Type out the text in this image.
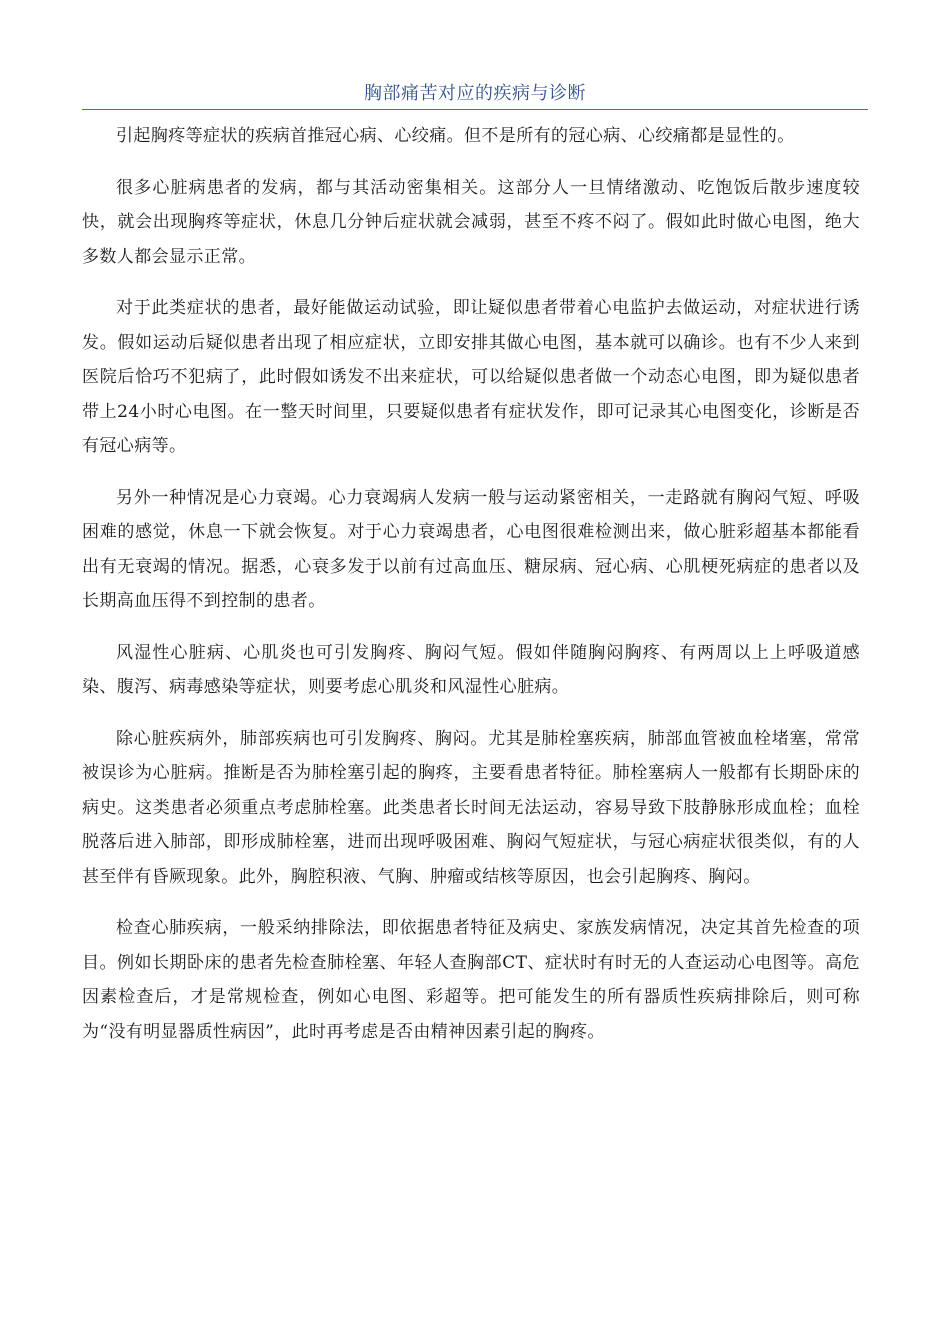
胸部痛苦对应的疾病与诊断

引起胸疼等症状的疾病首推冠心病、心绞痛。但不是所有的冠心病、心绞痛都是显性的。

很多心脏病患者的发病，都与其活动密集相关。这部分人一旦情绪激动、吃饱饭后散步速度较快，就会出现胸疼等症状，休息几分钟后症状就会减弱，甚至不疼不闷了。假如此时做心电图，绝大多数人都会显示正常。

对于此类症状的患者，最好能做运动试验，即让疑似患者带着心电监护去做运动，对症状进行诱发。假如运动后疑似患者出现了相应症状，立即安排其做心电图，基本就可以确诊。也有不少人来到医院后恰巧不犯病了，此时假如诱发不出来症状，可以给疑似患者做一个动态心电图，即为疑似患者带上24小时心电图。在一整天时间里，只要疑似患者有症状发作，即可记录其心电图变化，诊断是否有冠心病等。

另外一种情况是心力衰竭。心力衰竭病人发病一般与运动紧密相关，一走路就有胸闷气短、呼吸困难的感觉，休息一下就会恢复。对于心力衰竭患者，心电图很难检测出来，做心脏彩超基本都能看出有无衰竭的情况。据悉，心衰多发于以前有过高血压、糖尿病、冠心病、心肌梗死病症的患者以及长期高血压得不到控制的患者。

风湿性心脏病、心肌炎也可引发胸疼、胸闷气短。假如伴随胸闷胸疼、有两周以上上呼吸道感染、腹泻、病毒感染等症状，则要考虑心肌炎和风湿性心脏病。

除心脏疾病外，肺部疾病也可引发胸疼、胸闷。尤其是肺栓塞疾病，肺部血管被血栓堵塞，常常被误诊为心脏病。推断是否为肺栓塞引起的胸疼，主要看患者特征。肺栓塞病人一般都有长期卧床的病史。这类患者必须重点考虑肺栓塞。此类患者长时间无法运动，容易导致下肢静脉形成血栓；血栓脱落后进入肺部，即形成肺栓塞，进而出现呼吸困难、胸闷气短症状，与冠心病症状很类似，有的人甚至伴有昏厥现象。此外，胸腔积液、气胸、肿瘤或结核等原因，也会引起胸疼、胸闷。

检查心肺疾病，一般采纳排除法，即依据患者特征及病史、家族发病情况，决定其首先检查的项目。例如长期卧床的患者先检查肺栓塞、年轻人查胸部CT、症状时有时无的人查运动心电图等。高危因素检查后，才是常规检查，例如心电图、彩超等。把可能发生的所有器质性疾病排除后，则可称为“没有明显器质性病因”，此时再考虑是否由精神因素引起的胸疼。
